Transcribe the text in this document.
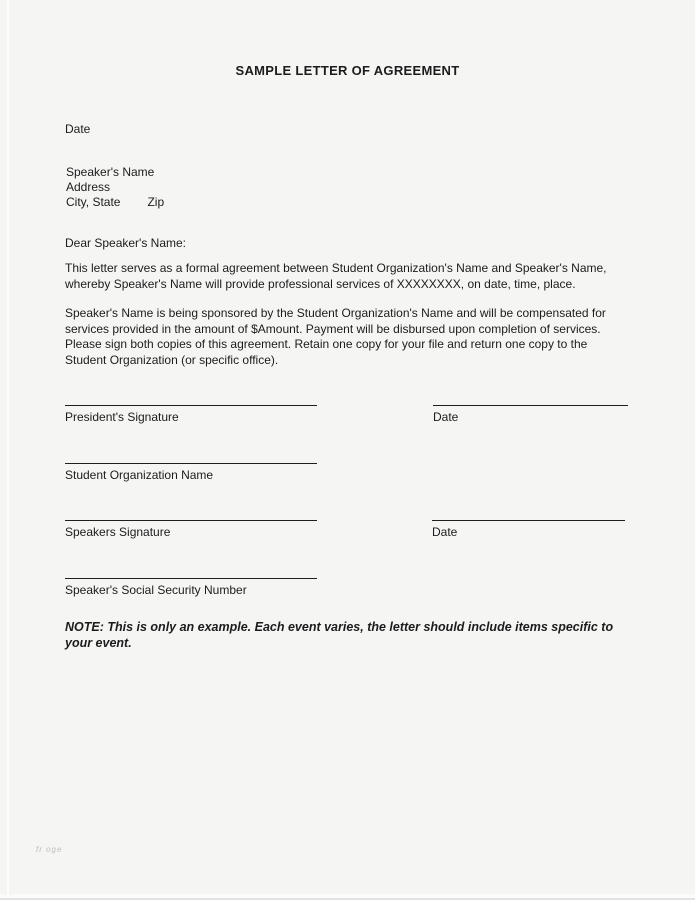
SAMPLE LETTER OF AGREEMENT
Date
Speaker's Name
Address
City, State Zip
Dear Speaker's Name:
This letter serves as a formal agreement between Student Organization's Name and Speaker's Name,
whereby Speaker's Name will provide professional services of XXXXXXXX, on date, time, place.
Speaker's Name is being sponsored by the Student Organization's Name and will be compensated for
services provided in the amount of $Amount. Payment will be disbursed upon completion of services.
Please sign both copies of this agreement. Retain one copy for your file and return one copy to the
Student Organization (or specific office).
President's Signature	Date
Student Organization Name
Speakers Signature	Date
Speaker's Social Security Number
NOTE: This is only an example. Each event varies, the letter should include items specific to
your event.
fr oge
